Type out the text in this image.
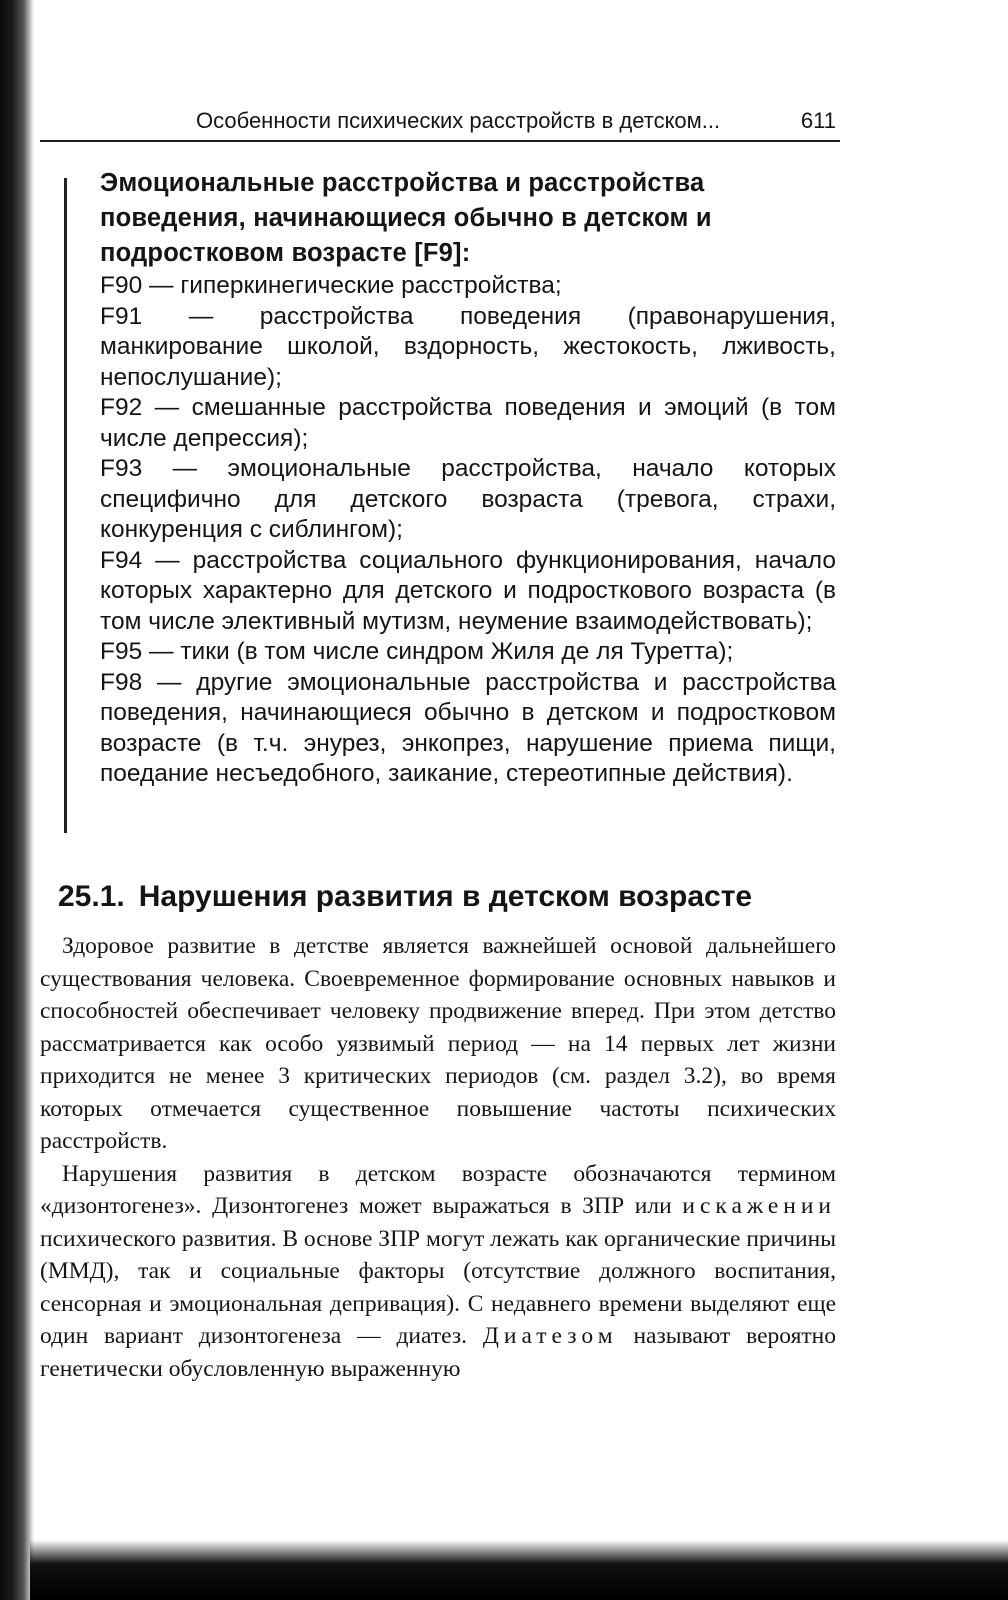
Особенности психических расстройств в детском...	611

Эмоциональные расстройства и расстройства поведения, начинающиеся обычно в детском и подростковом возрасте [F9]:

F90 — гиперкинегические расстройства;
F91 — расстройства поведения (правонарушения, манкирование школой, вздорность, жестокость, лживость, непослушание);
F92 — смешанные расстройства поведения и эмоций (в том числе депрессия);
F93 — эмоциональные расстройства, начало которых специфично для детского возраста (тревога, страхи, конкуренция с сиблингом);
F94 — расстройства социального функционирования, начало которых характерно для детского и подросткового возраста (в том числе элективный мутизм, неумение взаимодействовать);
F95 — тики (в том числе синдром Жиля де ля Туретта);
F98 — другие эмоциональные расстройства и расстройства поведения, начинающиеся обычно в детском и подростковом возрасте (в т.ч. энурез, энкопрез, нарушение приема пищи, поедание несъедобного, заикание, стереотипные действия).
25.1. Нарушения развития в детском возрасте

Здоровое развитие в детстве является важнейшей основой дальнейшего существования человека. Своевременное формирование основных навыков и способностей обеспечивает человеку продвижение вперед. При этом детство рассматривается как особо уязвимый период — на 14 первых лет жизни приходится не менее 3 критических периодов (см. раздел 3.2), во время которых отмечается существенное повышение частоты психических расстройств.

Нарушения развития в детском возрасте обозначаются термином «дизонтогенез». Дизонтогенез может выражаться в ЗПР или искажении психического развития. В основе ЗПР могут лежать как органические причины (ММД), так и социальные факторы (отсутствие должного воспитания, сенсорная и эмоциональная депривация). С недавнего времени выделяют еще один вариант дизонтогенеза — диатез. Диатезом называют вероятно генетически обусловленную выраженную
